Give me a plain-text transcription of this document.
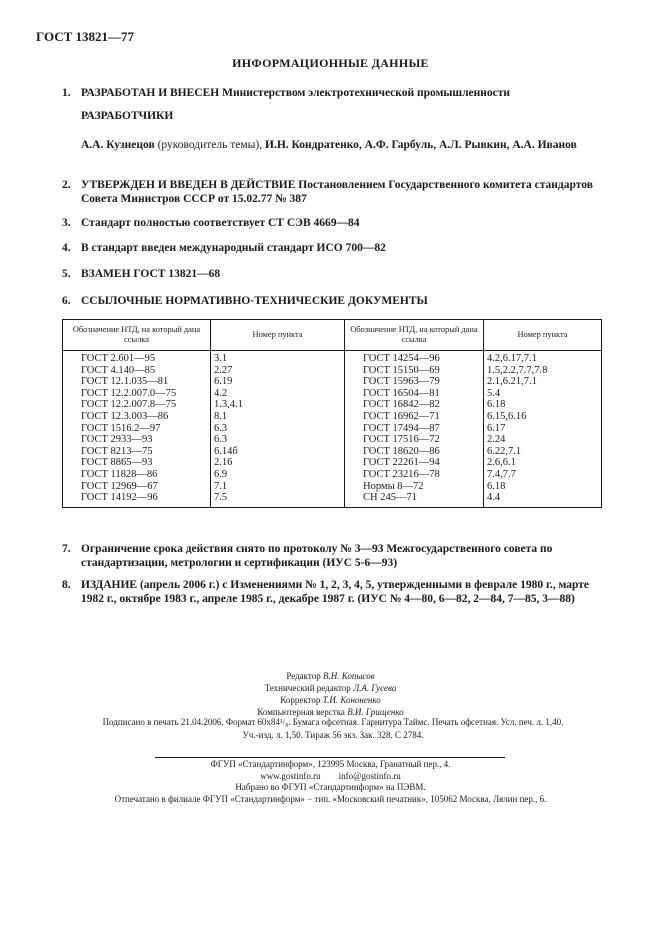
ГОСТ 13821—77
ИНФОРМАЦИОННЫЕ ДАННЫЕ
1. РАЗРАБОТАН И ВНЕСЕН Министерством электротехнической промышленности
РАЗРАБОТЧИКИ
А.А. Кузнецов (руководитель темы), И.Н. Кондратенко, А.Ф. Гарбуль, А.Л. Рывкин, А.А. Иванов
2. УТВЕРЖДЕН И ВВЕДЕН В ДЕЙСТВИЕ Постановлением Государственного комитета стандартов Совета Министров СССР от 15.02.77 № 387
3. Стандарт полностью соответствует СТ СЭВ 4669—84
4. В стандарт введен международный стандарт ИСО 700—82
5. ВЗАМЕН ГОСТ 13821—68
6. ССЫЛОЧНЫЕ НОРМАТИВНО-ТЕХНИЧЕСКИЕ ДОКУМЕНТЫ
Обозначение НТД, на который дана ссылка	Номер пункта	Обозначение НТД, на который дана ссылка	Номер пункта
ГОСТ 2.601—95	3.1	ГОСТ 14254—96	4.2,6.17,7.1
ГОСТ 4.140—85	2.27	ГОСТ 15150—69	1.5,2.2,7.7,7.8
ГОСТ 12.1.035—81	6.19	ГОСТ 15963—79	2.1,6.21,7.1
ГОСТ 12.2.007.0—75	4.2	ГОСТ 16504—81	5.4
ГОСТ 12.2.007.8—75	1.3,4.1	ГОСТ 16842—82	6.18
ГОСТ 12.3.003—86	8.1	ГОСТ 16962—71	6.15,6.16
ГОСТ 1516.2—97	6.3	ГОСТ 17494—87	6.17
ГОСТ 2933—93	6.3	ГОСТ 17516—72	2.24
ГОСТ 8213—75	6.14б	ГОСТ 18620—86	6.22,7.1
ГОСТ 8865—93	2.16	ГОСТ 22261—94	2.6,6.1
ГОСТ 11828—86	6.9	ГОСТ 23216—78	7.4,7.7
ГОСТ 12969—67	7.1	Нормы 8—72	6.18
ГОСТ 14192—96	7.5	СН 245—71	4.4
7. Ограничение срока действия снято по протоколу № 3—93 Межгосударственного совета по стандартизации, метрологии и сертификации (ИУС 5-6—93)
8. ИЗДАНИЕ (апрель 2006 г.) с Изменениями № 1, 2, 3, 4, 5, утвержденными в феврале 1980 г., марте 1982 г., октябре 1983 г., апреле 1985 г., декабре 1987 г. (ИУС № 4—80, 6—82, 2—84, 7—85, 3—88)
Редактор В.Н. Копысов
Технический редактор Л.А. Гусева
Корректор Т.И. Кононенко
Компьютерная верстка В.И. Грищенко
Подписано в печать 21.04.2006. Формат 60x84¹/₈. Бумага офсетная. Гарнитура Таймс. Печать офсетная. Усл. печ. л. 1,40.
Уч.-изд. л. 1,50. Тираж 56 экз. Зак. 328. С 2784.
ФГУП «Стандартинформ», 123995 Москва, Гранатный пер., 4.
www.gostinfo.ru        info@gostinfo.ru
Набрано во ФГУП «Стандартинформ» на ПЭВМ.
Отпечатано в филиале ФГУП «Стандартинформ» − тип. «Московский печатник», 105062 Москва, Лялин пер., 6.
